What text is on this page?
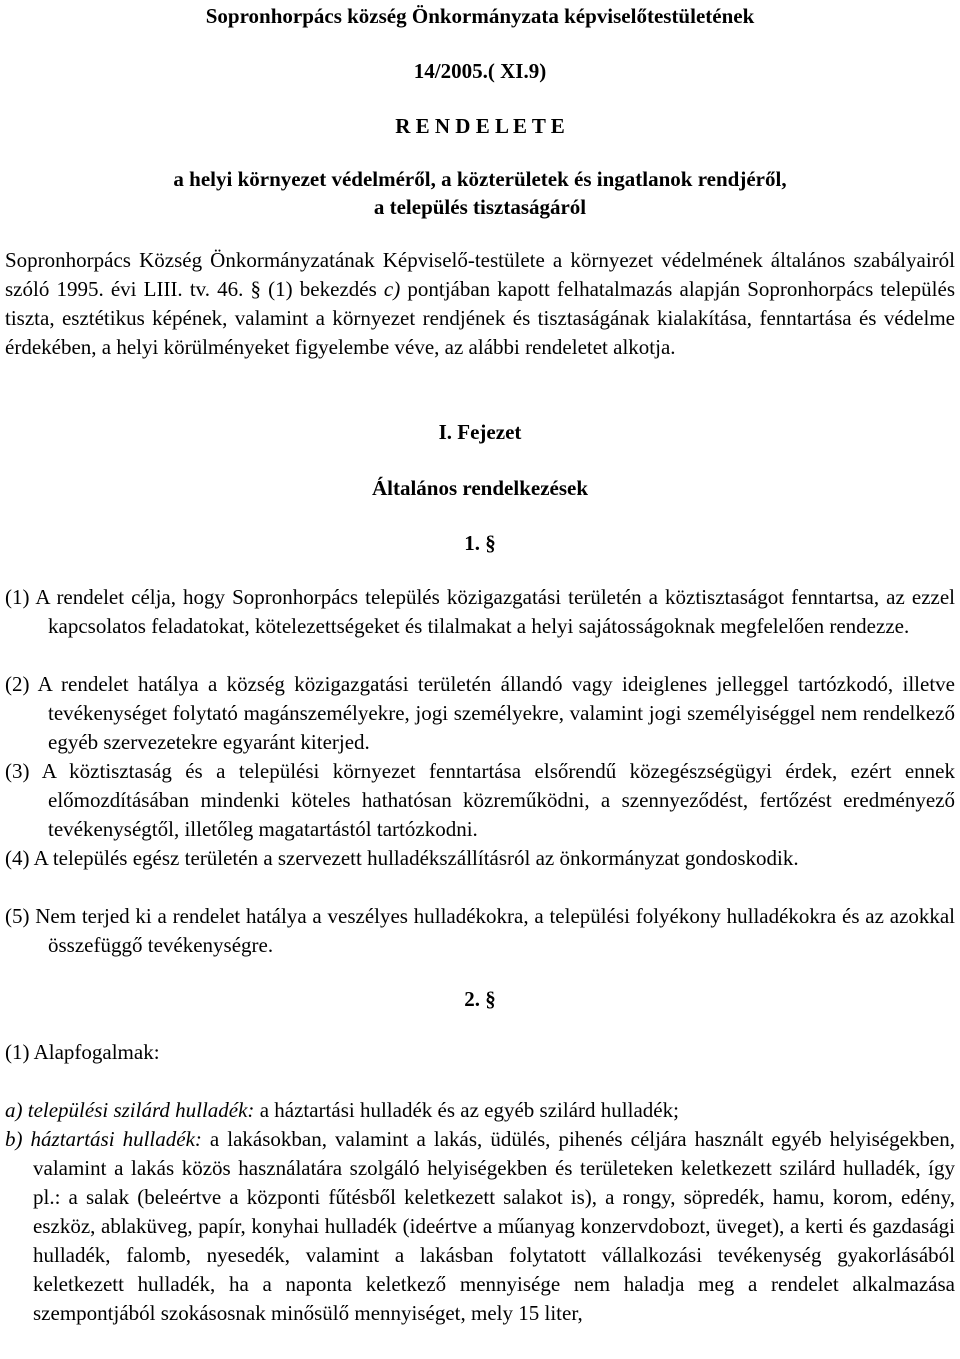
Sopronhorpács község Önkormányzata képviselőtestületének
14/2005.( XI.9)
R E N D E L E T E
a helyi környezet védelméről, a közterületek és ingatlanok rendjéről,
a település tisztaságáról
Sopronhorpács Község Önkormányzatának Képviselő-testülete a környezet védelmének általános szabályairól szóló 1995. évi LIII. tv. 46. § (1) bekezdés c) pontjában kapott felhatalmazás alapján Sopronhorpács település tiszta, esztétikus képének, valamint a környezet rendjének és tisztaságának kialakítása, fenntartása és védelme érdekében, a helyi körülményeket figyelembe véve, az alábbi rendeletet alkotja.
I. Fejezet
Általános rendelkezések
1. §
(1) A rendelet célja, hogy Sopronhorpács település közigazgatási területén a köztisztaságot fenntartsa, az ezzel kapcsolatos feladatokat, kötelezettségeket és tilalmakat a helyi sajátosságoknak megfelelően rendezze.
(2) A rendelet hatálya a község közigazgatási területén állandó vagy ideiglenes jelleggel tartózkodó, illetve tevékenységet folytató magánszemélyekre, jogi személyekre, valamint jogi személyiséggel nem rendelkező egyéb szervezetekre egyaránt kiterjed.
(3) A köztisztaság és a települési környezet fenntartása elsőrendű közegészségügyi érdek, ezért ennek előmozdításában mindenki köteles hathatósan közreműködni, a szennyeződést, fertőzést eredményező tevékenységtől, illetőleg magatartástól tartózkodni.
(4) A település egész területén a szervezett hulladékszállításról az önkormányzat gondoskodik.
(5) Nem terjed ki a rendelet hatálya a veszélyes hulladékokra, a települési folyékony hulladékokra és az azokkal összefüggő tevékenységre.
2. §
(1) Alapfogalmak:
a) települési szilárd hulladék: a háztartási hulladék és az egyéb szilárd hulladék;
b) háztartási hulladék: a lakásokban, valamint a lakás, üdülés, pihenés céljára használt egyéb helyiségekben, valamint a lakás közös használatára szolgáló helyiségekben és területeken keletkezett szilárd hulladék, így pl.: a salak (beleértve a központi fűtésből keletkezett salakot is), a rongy, söpredék, hamu, korom, edény, eszköz, ablaküveg, papír, konyhai hulladék (ideértve a műanyag konzervdobozt, üveget), a kerti és gazdasági hulladék, falomb, nyesedék, valamint a lakásban folytatott vállalkozási tevékenység gyakorlásából keletkezett hulladék, ha a naponta keletkező mennyisége nem haladja meg a rendelet alkalmazása szempontjából szokásosnak minősülő mennyiséget, mely 15 liter,
